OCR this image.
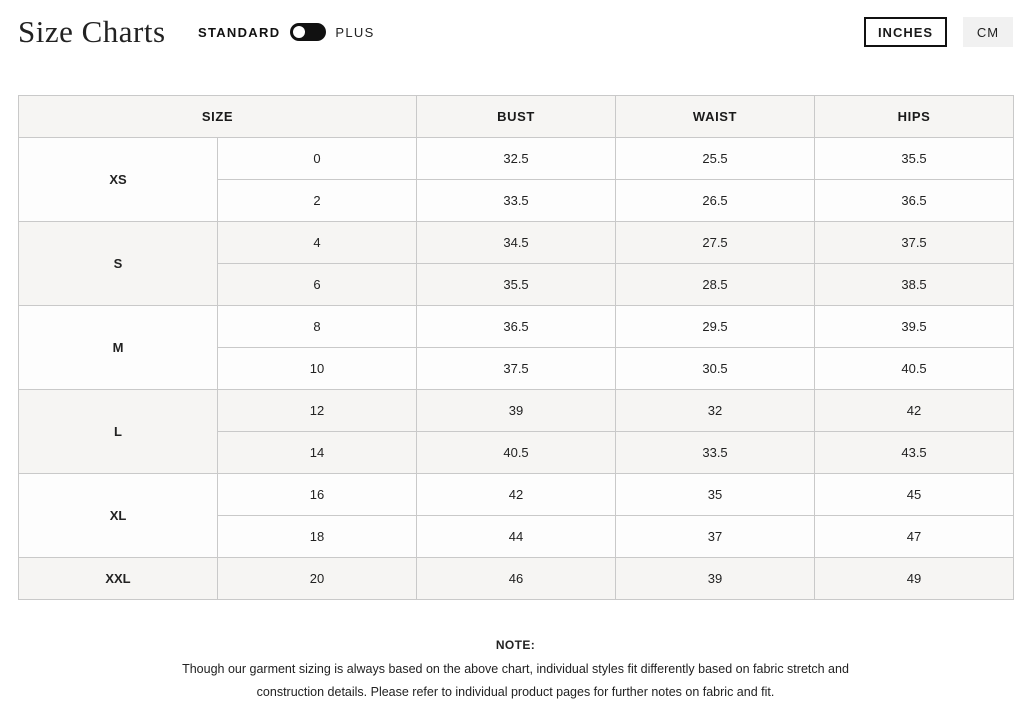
Size Charts STANDARD	PLUS	INCHES	CM
SIZE		BUST	WAIST	HIPS
XS	0	32.5	25.5	35.5
	2	33.5	26.5	36.5
S	4	34.5	27.5	37.5
	6	35.5	28.5	38.5
M	8	36.5	29.5	39.5
	10	37.5	30.5	40.5
L	12	39	32	42
	14	40.5	33.5	43.5
XL	16	42	35	45
	18	44	37	47
XXL	20	46	39	49

NOTE:

Though our garment sizing is always based on the above chart, individual styles fit differently based on fabric stretch and
construction details. Please refer to individual product pages for further notes on fabric and fit.
